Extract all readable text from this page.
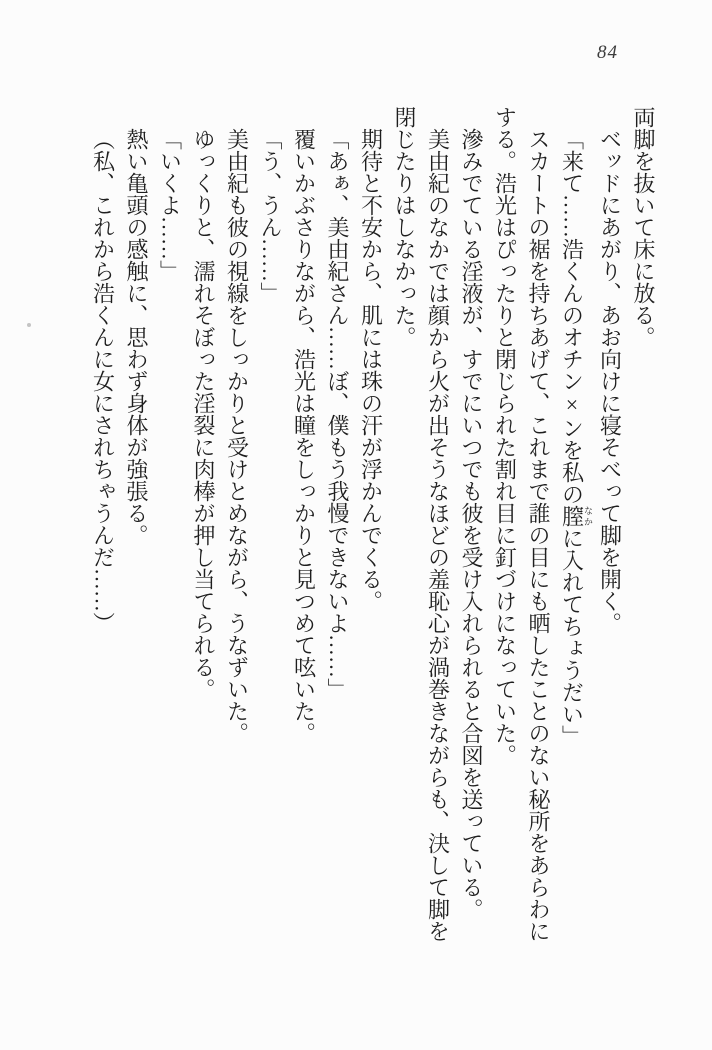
84

両脚を抜いて床に放る。

ベッドにあがり、あお向けに寝そべって脚を開く。

「来て……浩くんのオチン×ンを私の膣なかに入れてちょうだい」

スカートの裾を持ちあげて、これまで誰の目にも晒したことのない秘所をあらわにする。浩光はぴったりと閉じられた割れ目に釘づけになっていた。

滲みでている淫液が、すでにいつでも彼を受け入れられると合図を送っている。

美由紀のなかでは顔から火が出そうなほどの羞恥心が渦巻きながらも、決して脚を閉じたりはしなかった。

期待と不安から、肌には珠の汗が浮かんでくる。

「あぁ、美由紀さん……ぼ、僕もう我慢できないよ……」

覆いかぶさりながら、浩光は瞳をしっかりと見つめて呟いた。

「う、うん……」

美由紀も彼の視線をしっかりと受けとめながら、うなずいた。

ゆっくりと、濡れそぼった淫裂に肉棒が押し当てられる。

「いくよ……」

熱い亀頭の感触に、思わず身体が強張る。

（私、これから浩くんに女にされちゃうんだ……）
